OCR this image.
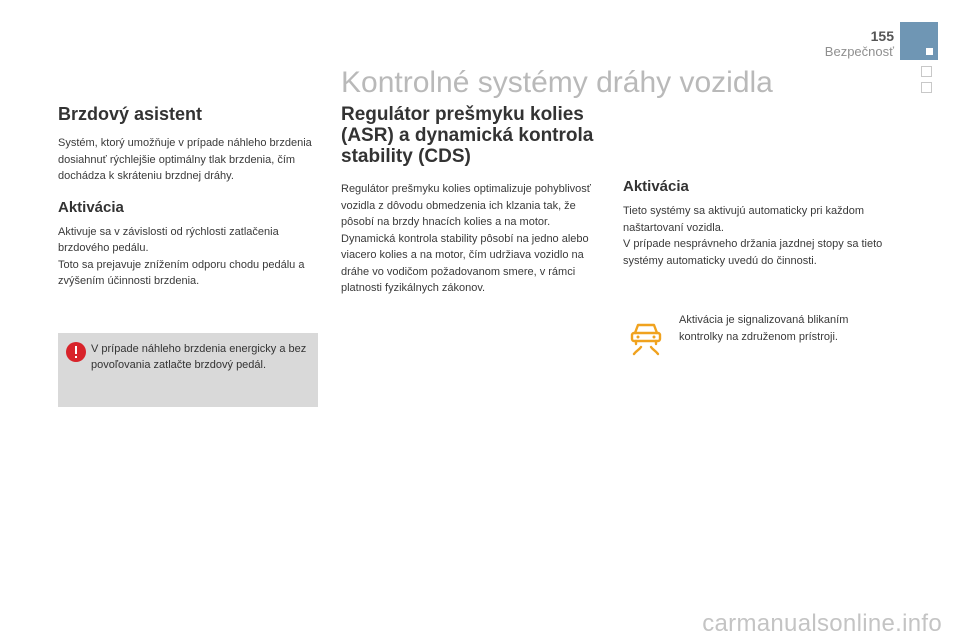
155
Bezpečnosť
Kontrolné systémy dráhy vozidla
Brzdový asistent

Systém, ktorý umožňuje v prípade náhleho brzdenia dosiahnuť rýchlejšie optimálny tlak brzdenia, čím dochádza k skráteniu brzdnej dráhy.

Aktivácia

Aktivuje sa v závislosti od rýchlosti zatlačenia brzdového pedálu.

Toto sa prejavuje znížením odporu chodu pedálu a zvýšením účinnosti brzdenia.

V prípade náhleho brzdenia energicky a bez povoľovania zatlačte brzdový pedál.
Regulátor prešmyku kolies (ASR) a dynamická kontrola stability (CDS)

Regulátor prešmyku kolies optimalizuje pohyblivosť vozidla z dôvodu obmedzenia ich klzania tak, že pôsobí na brzdy hnacích kolies a na motor.

Dynamická kontrola stability pôsobí na jedno alebo viacero kolies a na motor, čím udržiava vozidlo na dráhe vo vodičom požadovanom smere, v rámci platnosti fyzikálnych zákonov.

Aktivácia

Tieto systémy sa aktivujú automaticky pri každom naštartovaní vozidla.

V prípade nesprávneho držania jazdnej stopy sa tieto systémy automaticky uvedú do činnosti.

Aktivácia je signalizovaná blikaním kontrolky na združenom prístroji.
carmanualsonline.info
